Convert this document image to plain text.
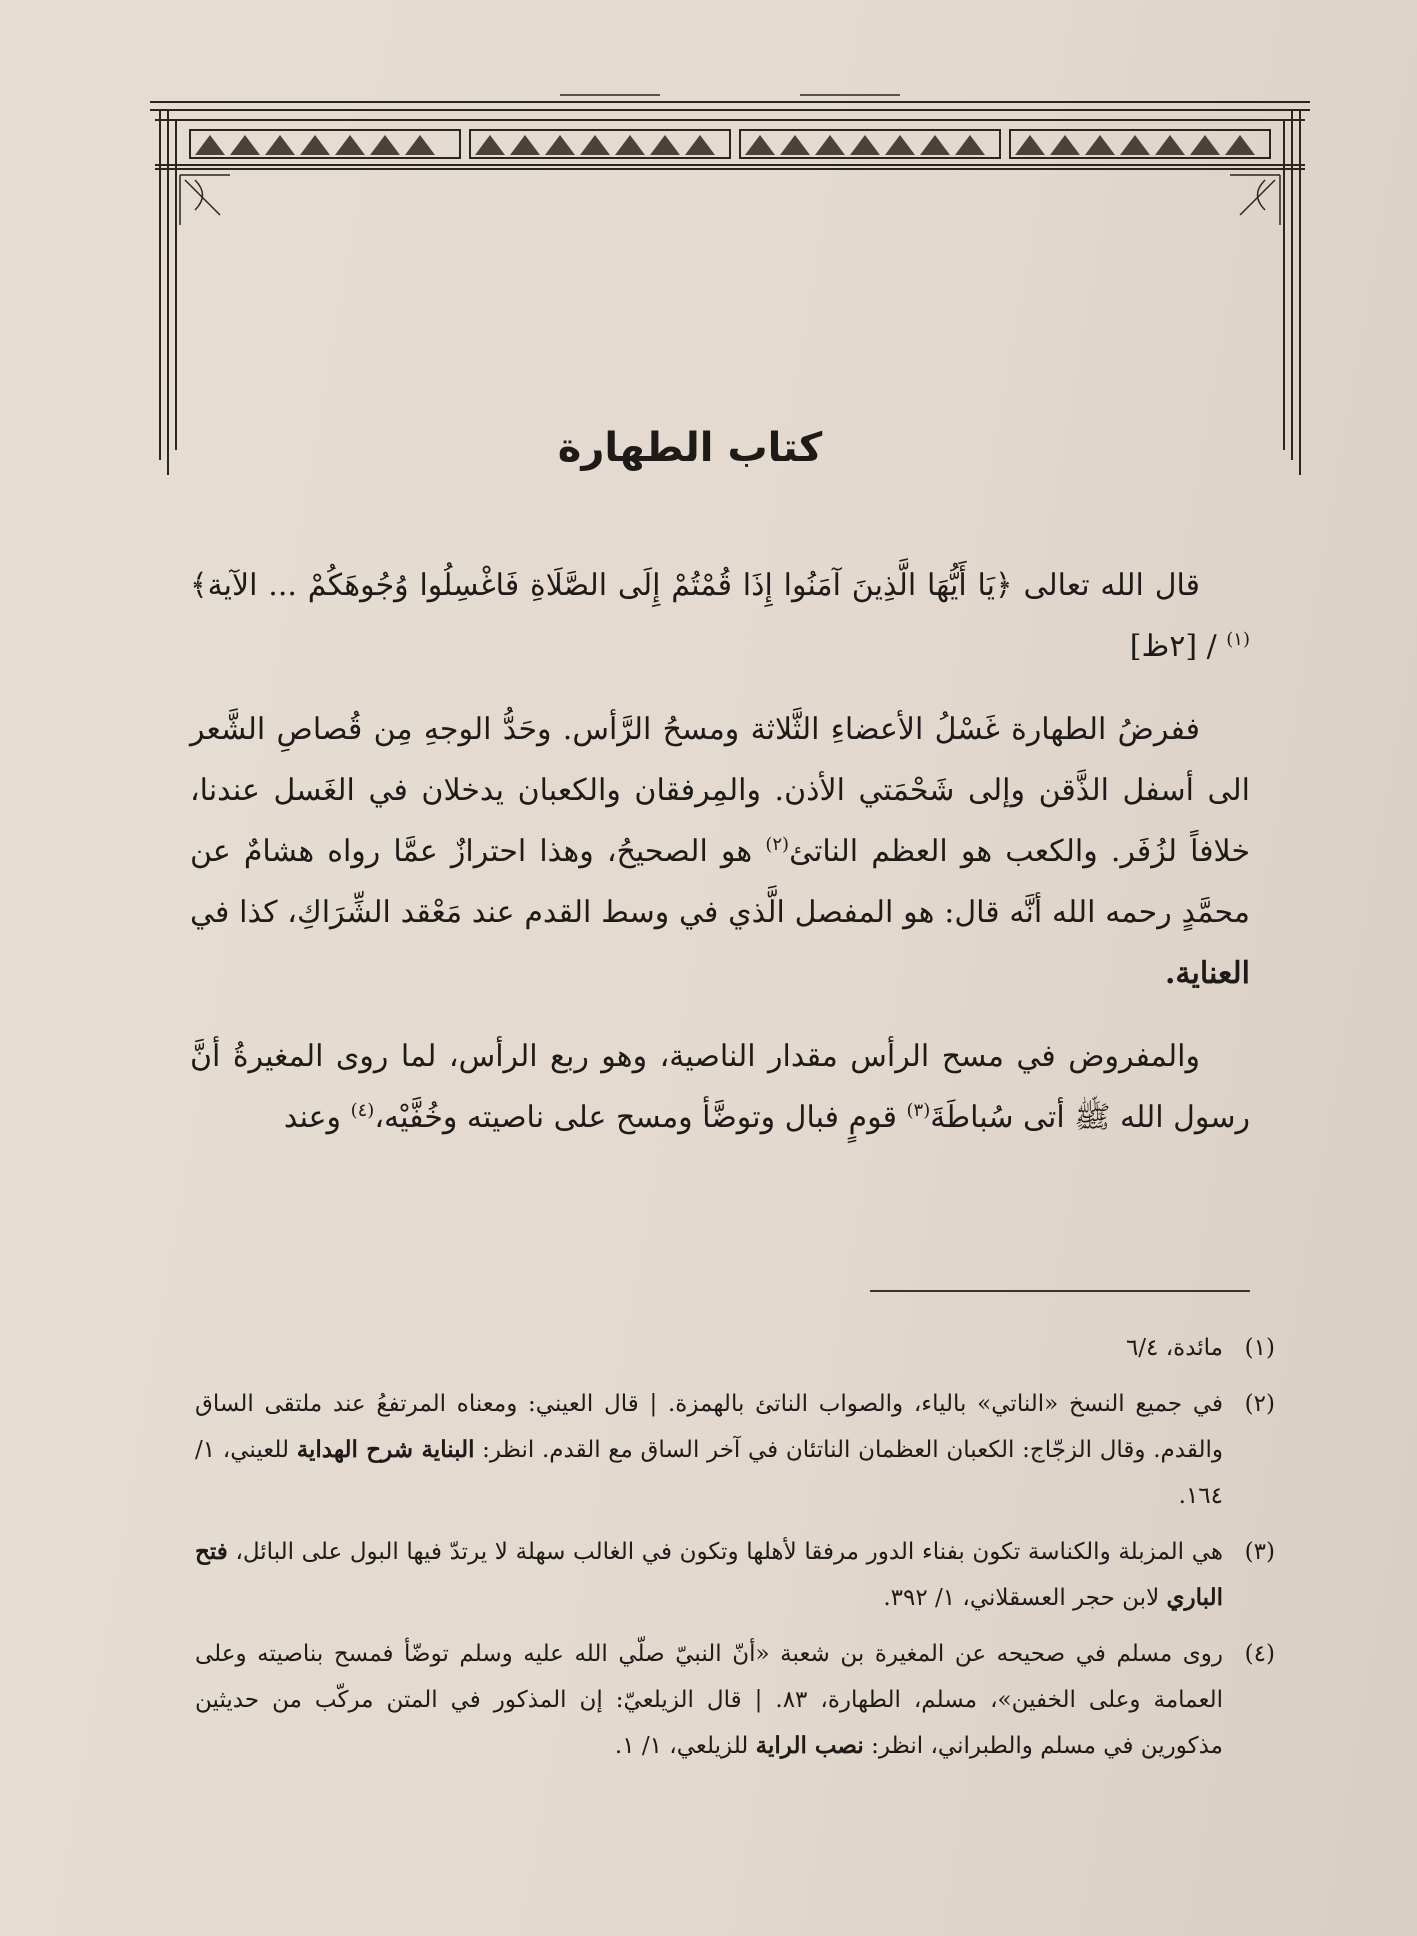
كتاب الطهارة

قال الله تعالى ﴿يَا أَيُّهَا الَّذِينَ آمَنُوا إِذَا قُمْتُمْ إِلَى الصَّلَاةِ فَاغْسِلُوا وُجُوهَكُمْ ... الآية﴾$^{(١)}$ / [٢ظ]

ففرضُ الطهارة غَسْلُ الأعضاءِ الثَّلاثة ومسحُ الرَّأس. وحَدُّ الوجهِ مِن قُصاصِ الشَّعر الى أسفل الذَّقن وإلى شَحْمَتي الأذن. والمِرفقان والكعبان يدخلان في الغَسل عندنا، خلافاً لزُفَر. والكعب هو العظم الناتئ$^{(٢)}$ هو الصحيحُ، وهذا احترازٌ عمَّا رواه هشامٌ عن محمَّدٍ رحمه الله أنَّه قال: هو المفصل الَّذي في وسط القدم عند مَعْقد الشِّرَاكِ، كذا في العناية.

والمفروض في مسح الرأس مقدار الناصية، وهو ربع الرأس، لما روى المغيرةُ أنَّ رسول الله ﷺ أتى سُباطَةَ$^{(٣)}$ قومٍ فبال وتوضَّأ ومسح على ناصيته وخُفَّيْه،$^{(٤)}$ وعند

(١)
مائدة، ٦/٤
(٢)
في جميع النسخ «الناتي» بالياء، والصواب الناتئ بالهمزة. | قال العيني: ومعناه المرتفعُ عند ملتقى الساق والقدم. وقال الزجّاج: الكعبان العظمان الناتئان في آخر الساق مع القدم. انظر: البناية شرح الهداية للعيني، ١/ ١٦٤.
(٣)
هي المزبلة والكناسة تكون بفناء الدور مرفقا لأهلها وتكون في الغالب سهلة لا يرتدّ فيها البول على البائل، فتح الباري لابن حجر العسقلاني، ١/ ٣٩٢.
(٤)
روى مسلم في صحيحه عن المغيرة بن شعبة «أنّ النبيّ صلّي الله عليه وسلم توضّأ فمسح بناصيته وعلى العمامة وعلى الخفين»، مسلم، الطهارة، ٨٣. | قال الزيلعيّ: إن المذكور في المتن مركّب من حديثين مذكورين في مسلم والطبراني، انظر: نصب الراية للزيلعي، ١/ ١.
